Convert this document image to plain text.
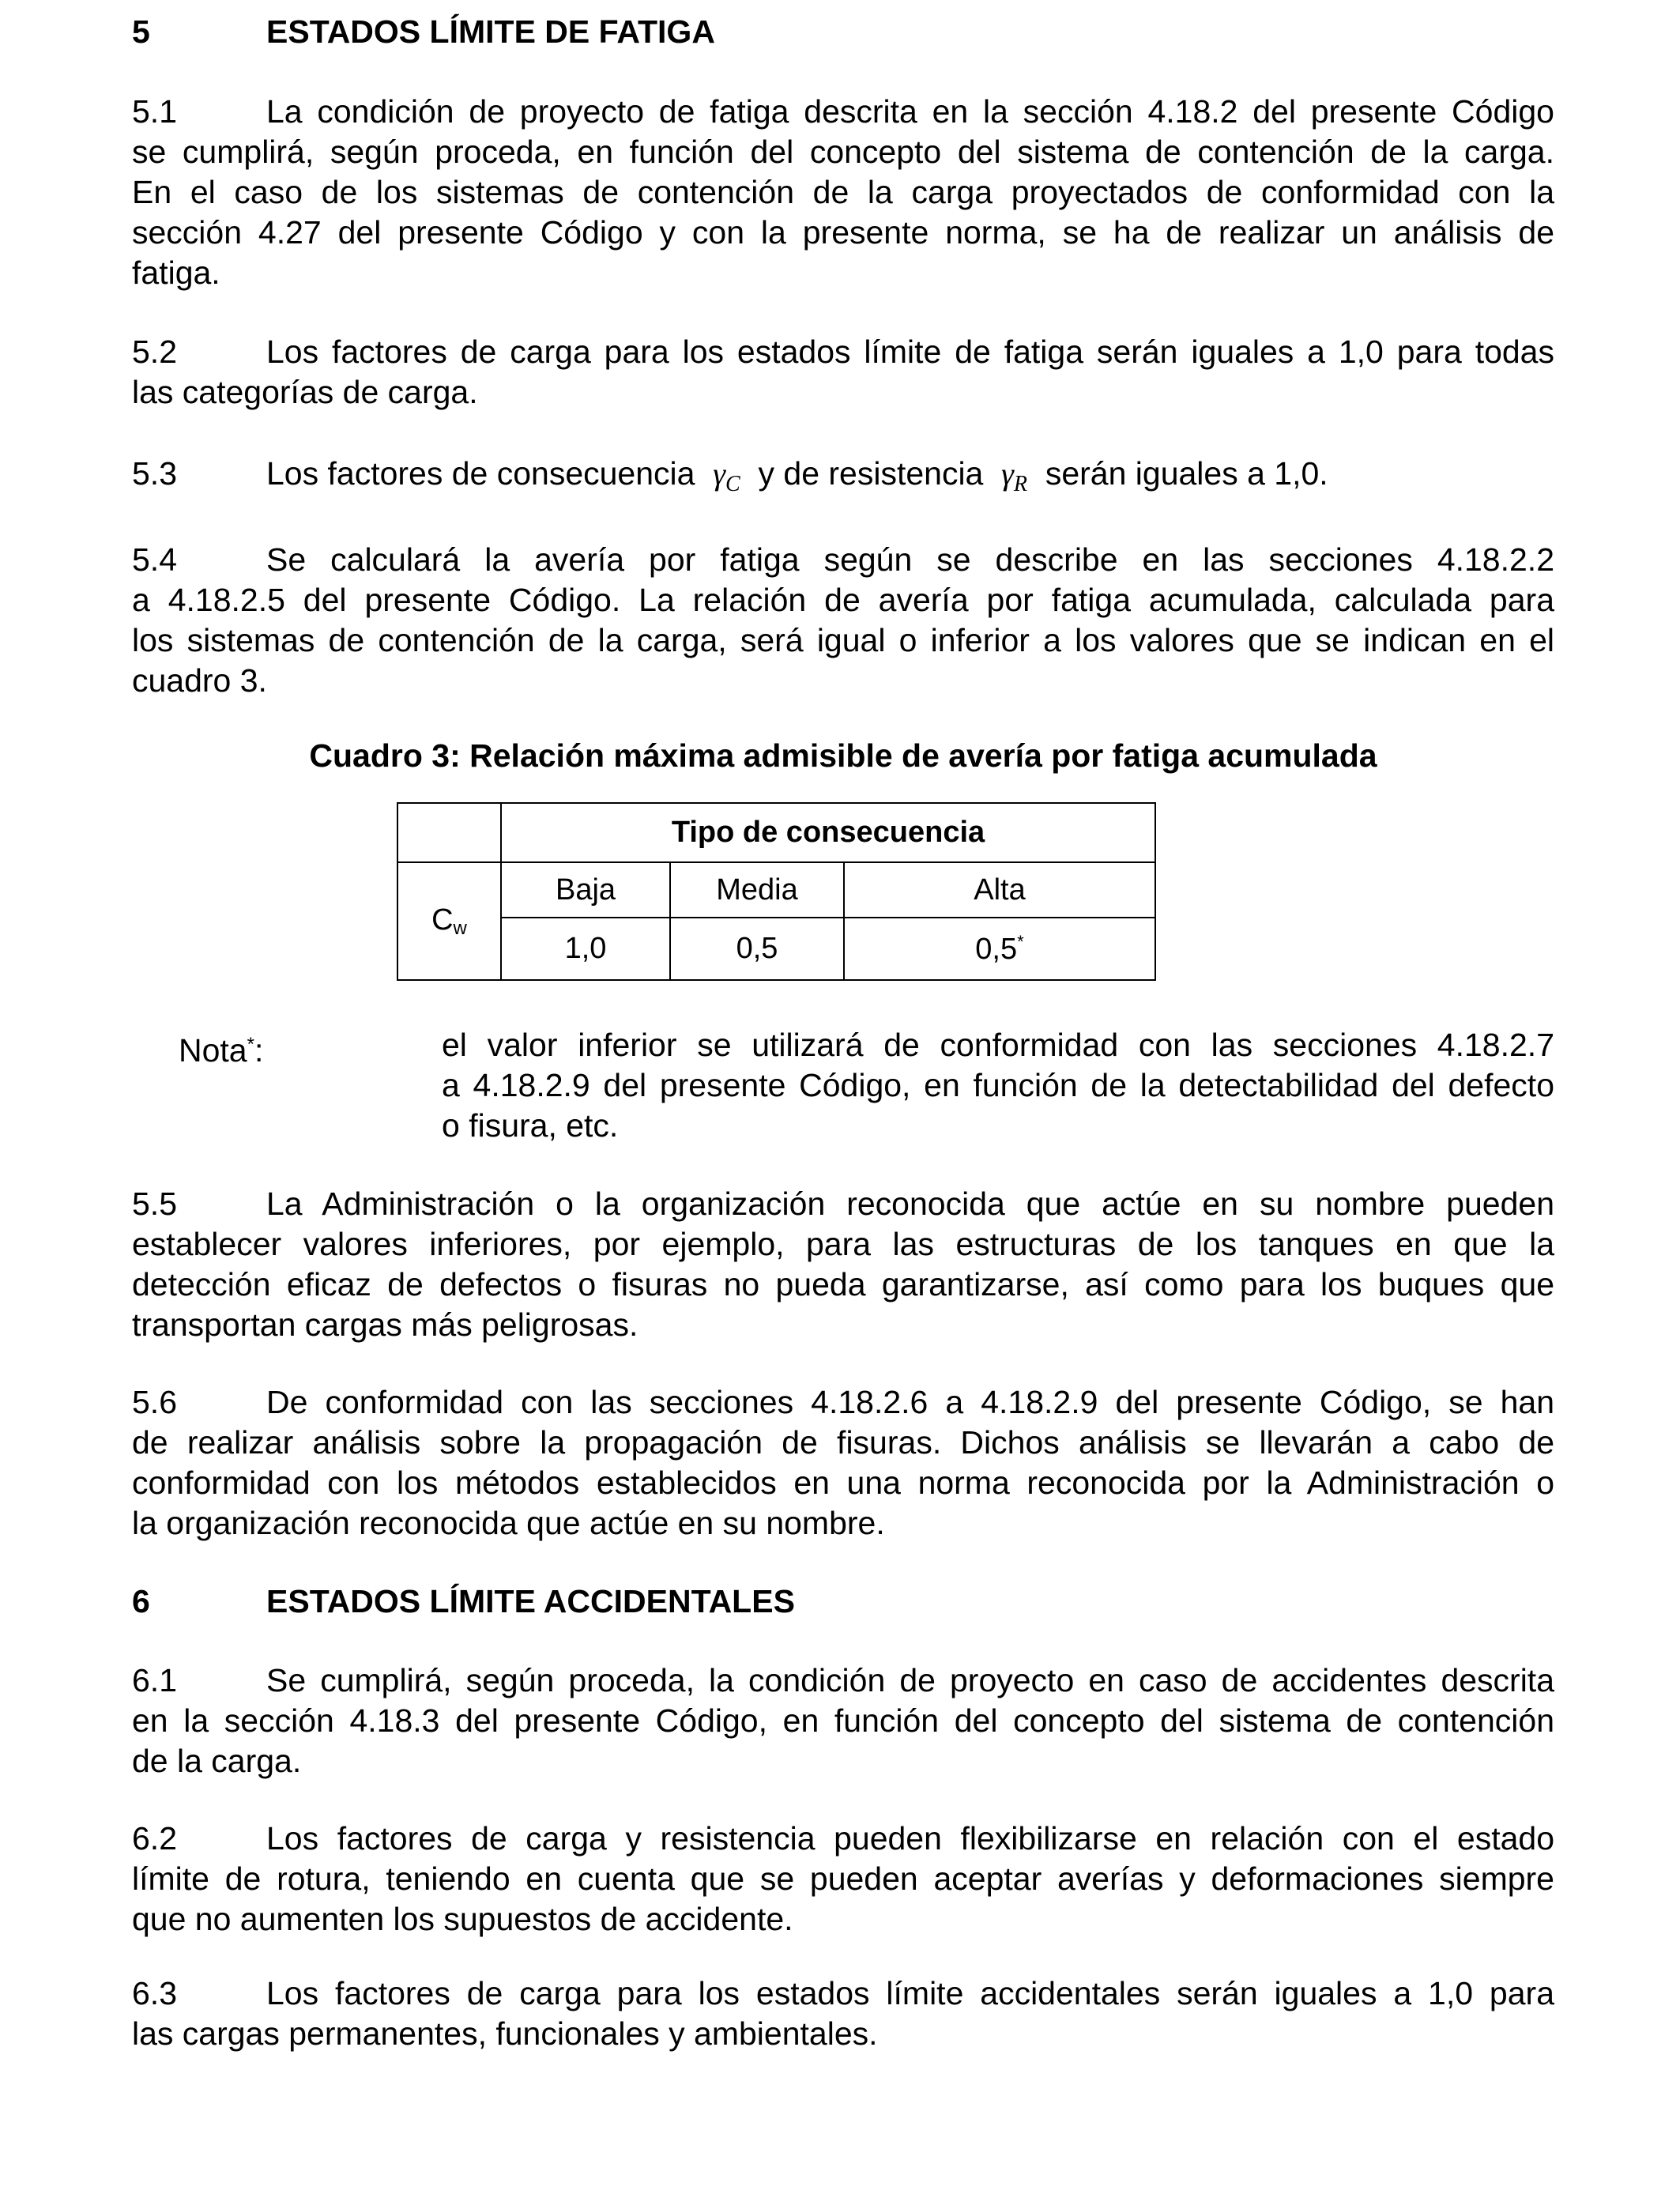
5	ESTADOS LÍMITE DE FATIGA

5.1	La condición de proyecto de fatiga descrita en la sección 4.18.2 del presente Código

se cumplirá, según proceda, en función del concepto del sistema de contención de la carga.

En el caso de los sistemas de contención de la carga proyectados de conformidad con la

sección 4.27 del presente Código y con la presente norma, se ha de realizar un análisis de

fatiga.

5.2	Los factores de carga para los estados límite de fatiga serán iguales a 1,0 para todas

las categorías de carga.

5.3	Los factores de consecuencia $\gamma_C$ y de resistencia $\gamma_R$ serán iguales a 1,0.

5.4	Se calculará la avería por fatiga según se describe en las secciones 4.18.2.2

a 4.18.2.5 del presente Código. La relación de avería por fatiga acumulada, calculada para

los sistemas de contención de la carga, será igual o inferior a los valores que se indican en el

cuadro 3.

Cuadro 3: Relación máxima admisible de avería por fatiga acumulada

	Tipo de consecuencia		
$C_w$	Baja	Media	Alta
	1,0	0,5	0,5*
Nota*:	el valor inferior se utilizará de conformidad con las secciones 4.18.2.7

a 4.18.2.9 del presente Código, en función de la detectabilidad del defecto

o fisura, etc.

5.5	La Administración o la organización reconocida que actúe en su nombre pueden

establecer valores inferiores, por ejemplo, para las estructuras de los tanques en que la

detección eficaz de defectos o fisuras no pueda garantizarse, así como para los buques que

transportan cargas más peligrosas.

5.6	De conformidad con las secciones 4.18.2.6 a 4.18.2.9 del presente Código, se han

de realizar análisis sobre la propagación de fisuras. Dichos análisis se llevarán a cabo de

conformidad con los métodos establecidos en una norma reconocida por la Administración o

la organización reconocida que actúe en su nombre.

6	ESTADOS LÍMITE ACCIDENTALES

6.1	Se cumplirá, según proceda, la condición de proyecto en caso de accidentes descrita

en la sección 4.18.3 del presente Código, en función del concepto del sistema de contención

de la carga.

6.2	Los factores de carga y resistencia pueden flexibilizarse en relación con el estado

límite de rotura, teniendo en cuenta que se pueden aceptar averías y deformaciones siempre

que no aumenten los supuestos de accidente.

6.3	Los factores de carga para los estados límite accidentales serán iguales a 1,0 para

las cargas permanentes, funcionales y ambientales.
